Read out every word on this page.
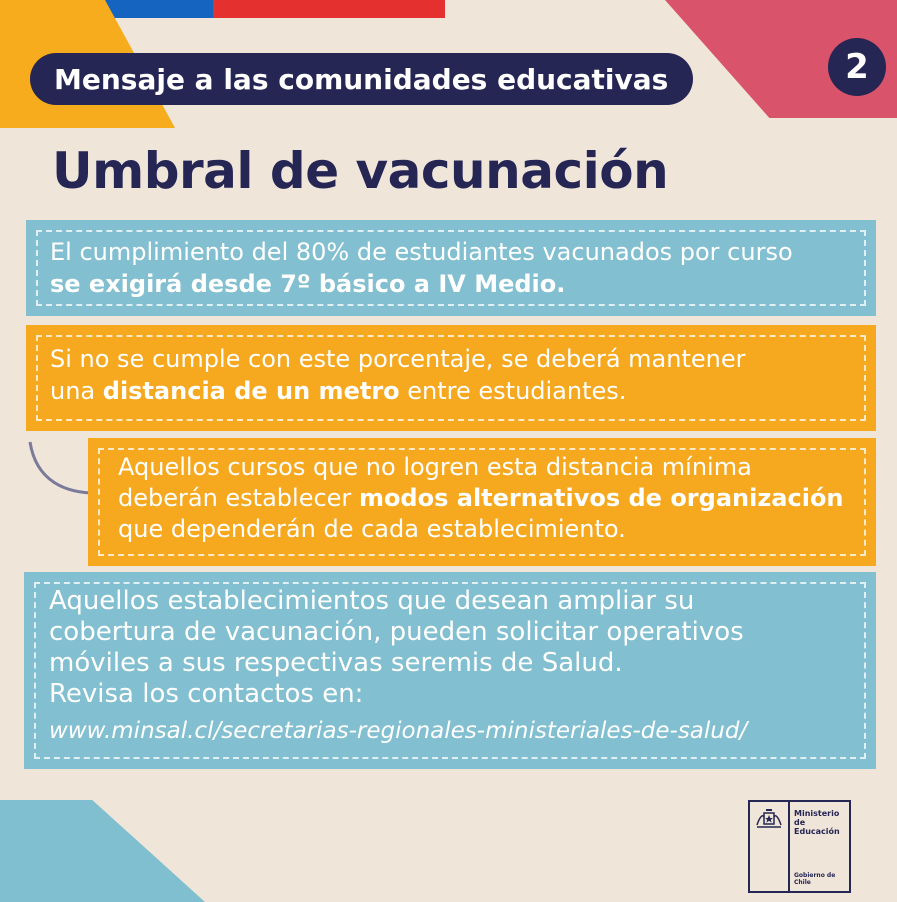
Mensaje a las comunidades educativas	2
Umbral de vacunación

El cumplimiento del 80% de estudiantes vacunados por curso
se exigirá desde 7º básico a IV Medio.

Si no se cumple con este porcentaje, se deberá mantener
una distancia de un metro entre estudiantes.

Aquellos cursos que no logren esta distancia mínima
deberán establecer modos alternativos de organización
que dependerán de cada establecimiento.

Aquellos establecimientos que desean ampliar su
cobertura de vacunación, pueden solicitar operativos
móviles a sus respectivas seremis de Salud.
Revisa los contactos en:

www.minsal.cl/secretarias-regionales-ministeriales-de-salud/

Ministerio de
Educación
Gobierno de Chile
